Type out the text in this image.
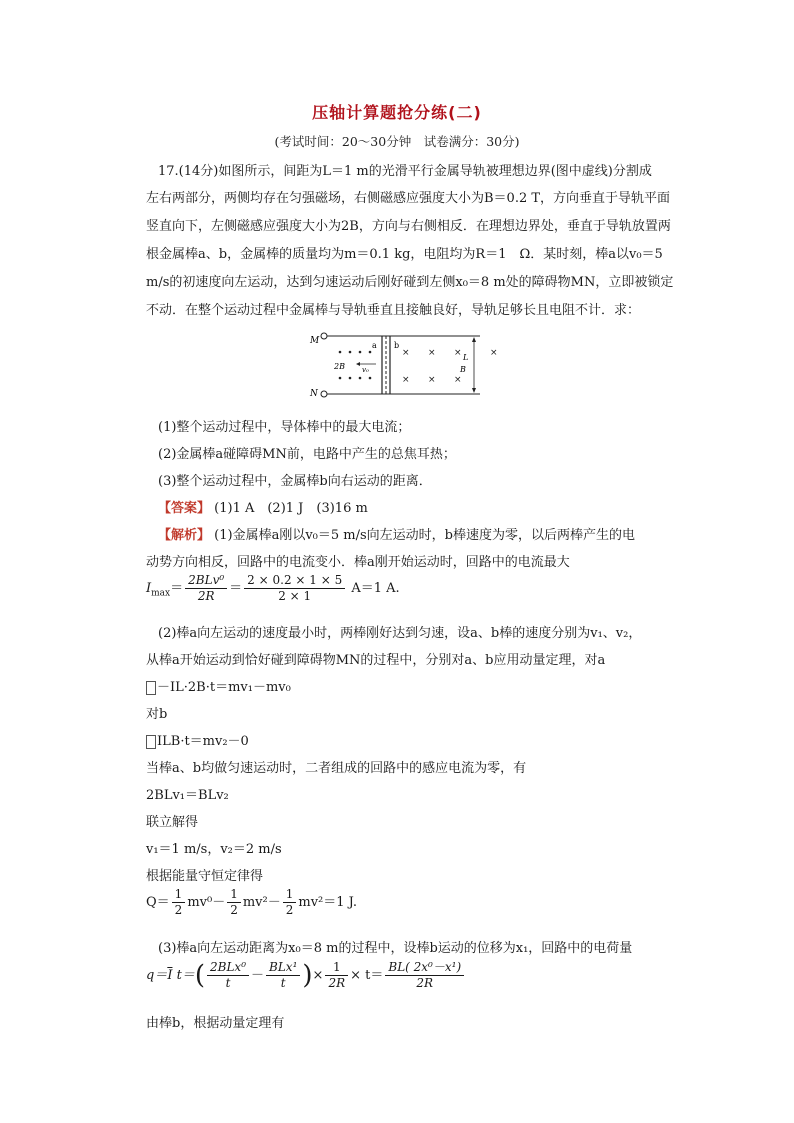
压轴计算题抢分练(二)
(考试时间：20～30分钟　试卷满分：30分)
17.(14分)如图所示，间距为L＝1 m的光滑平行金属导轨被理想边界(图中虚线)分割成
左右两部分，两侧均存在匀强磁场，右侧磁感应强度大小为B＝0.2 T，方向垂直于导轨平面
竖直向下，左侧磁感应强度大小为2B，方向与右侧相反．在理想边界处，垂直于导轨放置两
根金属棒a、b，金属棒的质量均为m＝0.1 kg，电阻均为R＝1　Ω．某时刻，棒a以v₀＝5
m/s的初速度向左运动，达到匀速运动后刚好碰到左侧x₀＝8 m处的障碍物MN，立即被锁定
不动．在整个运动过程中金属棒与导轨垂直且接触良好，导轨足够长且电阻不计．求：
M
N
a b
2B v₀
× × ×
× × ×
×
B
L
(1)整个运动过程中，导体棒中的最大电流；
(2)金属棒a碰障碍MN前，电路中产生的总焦耳热；
(3)整个运动过程中，金属棒b向右运动的距离．
【答案】 (1)1 A　(2)1 J　(3)16 m
【解析】 (1)金属棒a刚以v₀＝5 m/s向左运动时，b棒速度为零，以后两棒产生的电
动势方向相反，回路中的电流变小．棒a刚开始运动时，回路中的电流最大
$I_{max}= \frac{\text{2BLv⁰}}{2R} = \frac{2 \times 0.2 \times 1 \times 5}{2 \times 1} A=1$ A.
(2)棒a向左运动的速度最小时，两棒刚好达到匀速，设a、b棒的速度分别为v₁、v₂，
从棒a开始运动到恰好碰到障碍物MN的过程中，分别对a、b应用动量定理，对a
－IL·2B·t＝mv₁－mv₀
对b
ILB·t＝mv₂－0
当棒a、b均做匀速运动时，二者组成的回路中的感应电流为零，有
2BLv₁＝BLv₂
联立解得
v₁＝1 m/s，v₂＝2 m/s
根据能量守恒定律得
$Q= \frac{1}{2} mv^0- \frac{1}{2} mv^2- \frac{1}{2} mv^2=1$ J.
(3)棒a向左运动距离为x₀＝8 m的过程中，设棒b运动的位移为x₁，回路中的电荷量
$q=\overline{I}$ $t=( \frac{\text{2BLx⁰}}{t} - \frac{\text{BLx¹}}{t}$ )× $\frac{1}{2R} \times t= \frac{\text{BL( 2x⁰－x¹)}}{2R}$
由棒b，根据动量定理有
